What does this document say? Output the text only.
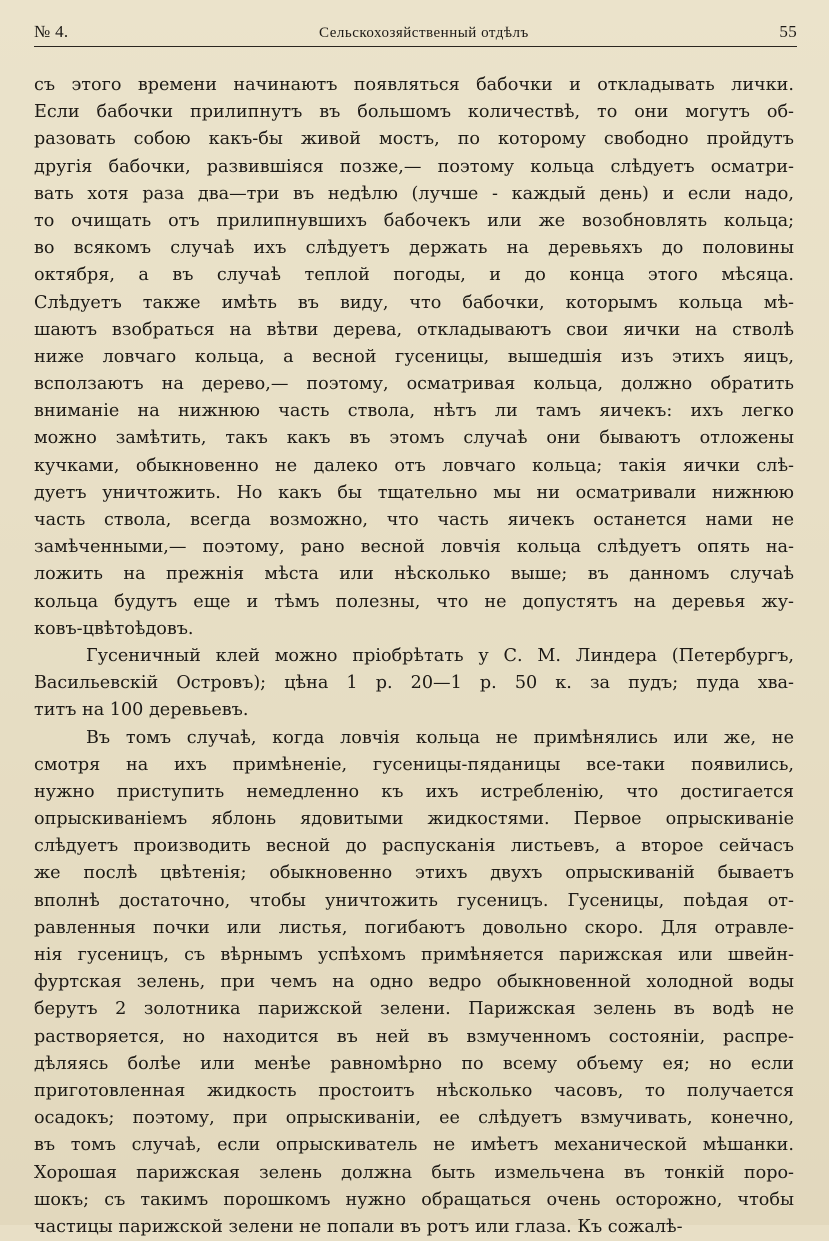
№ 4.	Сельскохозяйственный отдѣлъ	55
съ этого времени начинаютъ появляться бабочки и откладывать лички.
Если бабочки прилипнутъ въ большомъ количествѣ, то они могутъ об-
разовать собою какъ-бы живой мостъ, по которому свободно пройдутъ
другія бабочки, развившіяся позже,— поэтому кольца слѣдуетъ осматри-
вать хотя раза два—три въ недѣлю (лучше - каждый день) и если надо,
то очищать отъ прилипнувшихъ бабочекъ или же возобновлять кольца;
во всякомъ случаѣ ихъ слѣдуетъ держать на деревьяхъ до половины
октября, а въ случаѣ теплой погоды, и до конца этого мѣсяца.
Слѣдуетъ также имѣть въ виду, что бабочки, которымъ кольца мѣ-
шаютъ взобраться на вѣтви дерева, откладываютъ свои яички на стволѣ
ниже ловчаго кольца, а весной гусеницы, вышедшія изъ этихъ яицъ,
всползаютъ на дерево,— поэтому, осматривая кольца, должно обратить
вниманіе на нижнюю часть ствола, нѣтъ ли тамъ яичекъ: ихъ легко
можно замѣтить, такъ какъ въ этомъ случаѣ они бываютъ отложены
кучками, обыкновенно не далеко отъ ловчаго кольца; такія яички слѣ-
дуетъ уничтожить. Но какъ бы тщательно мы ни осматривали нижнюю
часть ствола, всегда возможно, что часть яичекъ останется нами не
замѣченными,— поэтому, рано весной ловчія кольца слѣдуетъ опять на-
ложить на прежнія мѣста или нѣсколько выше; въ данномъ случаѣ
кольца будутъ еще и тѣмъ полезны, что не допустятъ на деревья жу-
ковъ-цвѣтоѣдовъ.
Гусеничный клей можно пріобрѣтать у С. М. Линдера (Петербургъ,
Васильевскій Островъ); цѣна 1 р. 20—1 р. 50 к. за пудъ; пуда хва-
титъ на 100 деревьевъ.
Въ томъ случаѣ, когда ловчія кольца не примѣнялись или же, не
смотря на ихъ примѣненіе, гусеницы-пяданицы все-таки появились,
нужно приступить немедленно къ ихъ истребленію, что достигается
опрыскиваніемъ яблонь ядовитыми жидкостями. Первое опрыскиваніе
слѣдуетъ производить весной до распусканія листьевъ, а второе сейчасъ
же послѣ цвѣтенія; обыкновенно этихъ двухъ опрыскиваній бываетъ
вполнѣ достаточно, чтобы уничтожить гусеницъ. Гусеницы, поѣдая от-
равленныя почки или листья, погибаютъ довольно скоро. Для отравле-
нія гусеницъ, съ вѣрнымъ успѣхомъ примѣняется парижская или швейн-
фуртская зелень, при чемъ на одно ведро обыкновенной холодной воды
берутъ 2 золотника парижской зелени. Парижская зелень въ водѣ не
растворяется, но находится въ ней въ взмученномъ состояніи, распре-
дѣляясь болѣе или менѣе равномѣрно по всему объему ея; но если
приготовленная жидкость простоитъ нѣсколько часовъ, то получается
осадокъ; поэтому, при опрыскиваніи, ее слѣдуетъ взмучивать, конечно,
въ томъ случаѣ, если опрыскиватель не имѣетъ механической мѣшанки.
Хорошая парижская зелень должна быть измельчена въ тонкій поро-
шокъ; съ такимъ порошкомъ нужно обращаться очень осторожно, чтобы
частицы парижской зелени не попали въ ротъ или глаза. Къ сожалѣ-
